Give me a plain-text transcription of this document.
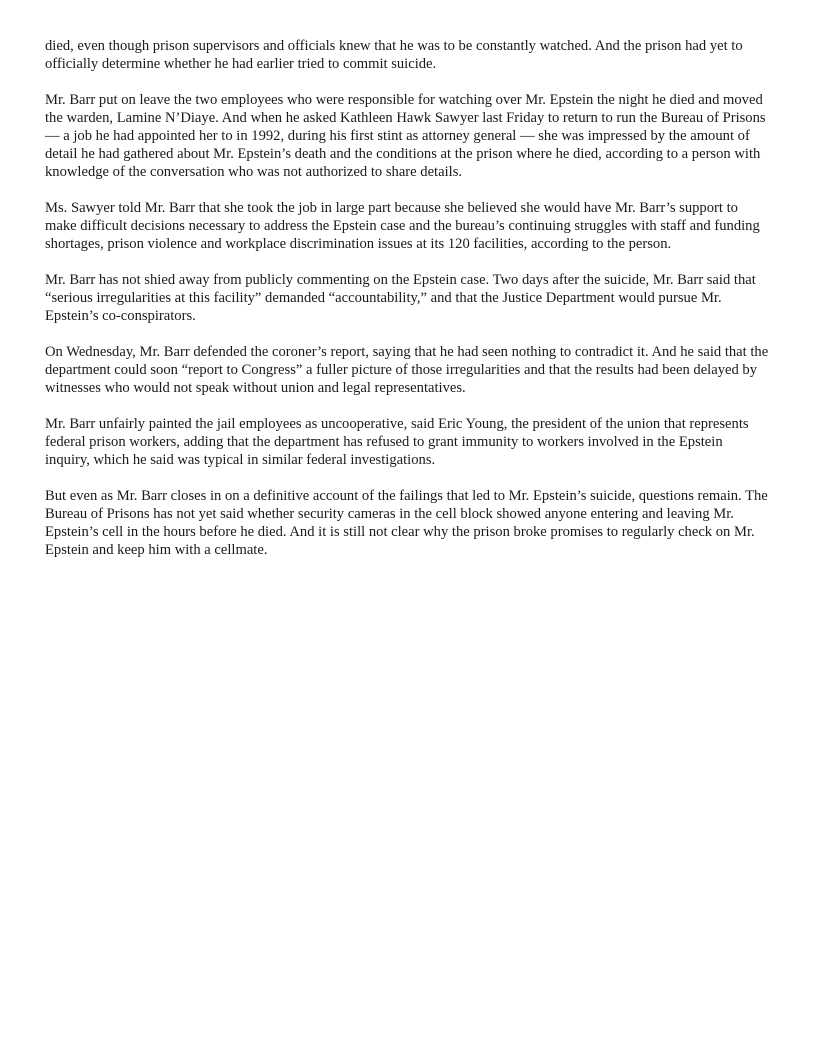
died, even though prison supervisors and officials knew that he was to be constantly watched. And the prison had yet to officially determine whether he had earlier tried to commit suicide.

Mr. Barr put on leave the two employees who were responsible for watching over Mr. Epstein the night he died and moved the warden, Lamine N’Diaye. And when he asked Kathleen Hawk Sawyer last Friday to return to run the Bureau of Prisons — a job he had appointed her to in 1992, during his first stint as attorney general — she was impressed by the amount of detail he had gathered about Mr. Epstein’s death and the conditions at the prison where he died, according to a person with knowledge of the conversation who was not authorized to share details.

Ms. Sawyer told Mr. Barr that she took the job in large part because she believed she would have Mr. Barr’s support to make difficult decisions necessary to address the Epstein case and the bureau’s continuing struggles with staff and funding shortages, prison violence and workplace discrimination issues at its 120 facilities, according to the person.

Mr. Barr has not shied away from publicly commenting on the Epstein case. Two days after the suicide, Mr. Barr said that “serious irregularities at this facility” demanded “accountability,” and that the Justice Department would pursue Mr. Epstein’s co-conspirators.

On Wednesday, Mr. Barr defended the coroner’s report, saying that he had seen nothing to contradict it. And he said that the department could soon “report to Congress” a fuller picture of those irregularities and that the results had been delayed by witnesses who would not speak without union and legal representatives.

Mr. Barr unfairly painted the jail employees as uncooperative, said Eric Young, the president of the union that represents federal prison workers, adding that the department has refused to grant immunity to workers involved in the Epstein inquiry, which he said was typical in similar federal investigations.

But even as Mr. Barr closes in on a definitive account of the failings that led to Mr. Epstein’s suicide, questions remain. The Bureau of Prisons has not yet said whether security cameras in the cell block showed anyone entering and leaving Mr. Epstein’s cell in the hours before he died. And it is still not clear why the prison broke promises to regularly check on Mr. Epstein and keep him with a cellmate.
